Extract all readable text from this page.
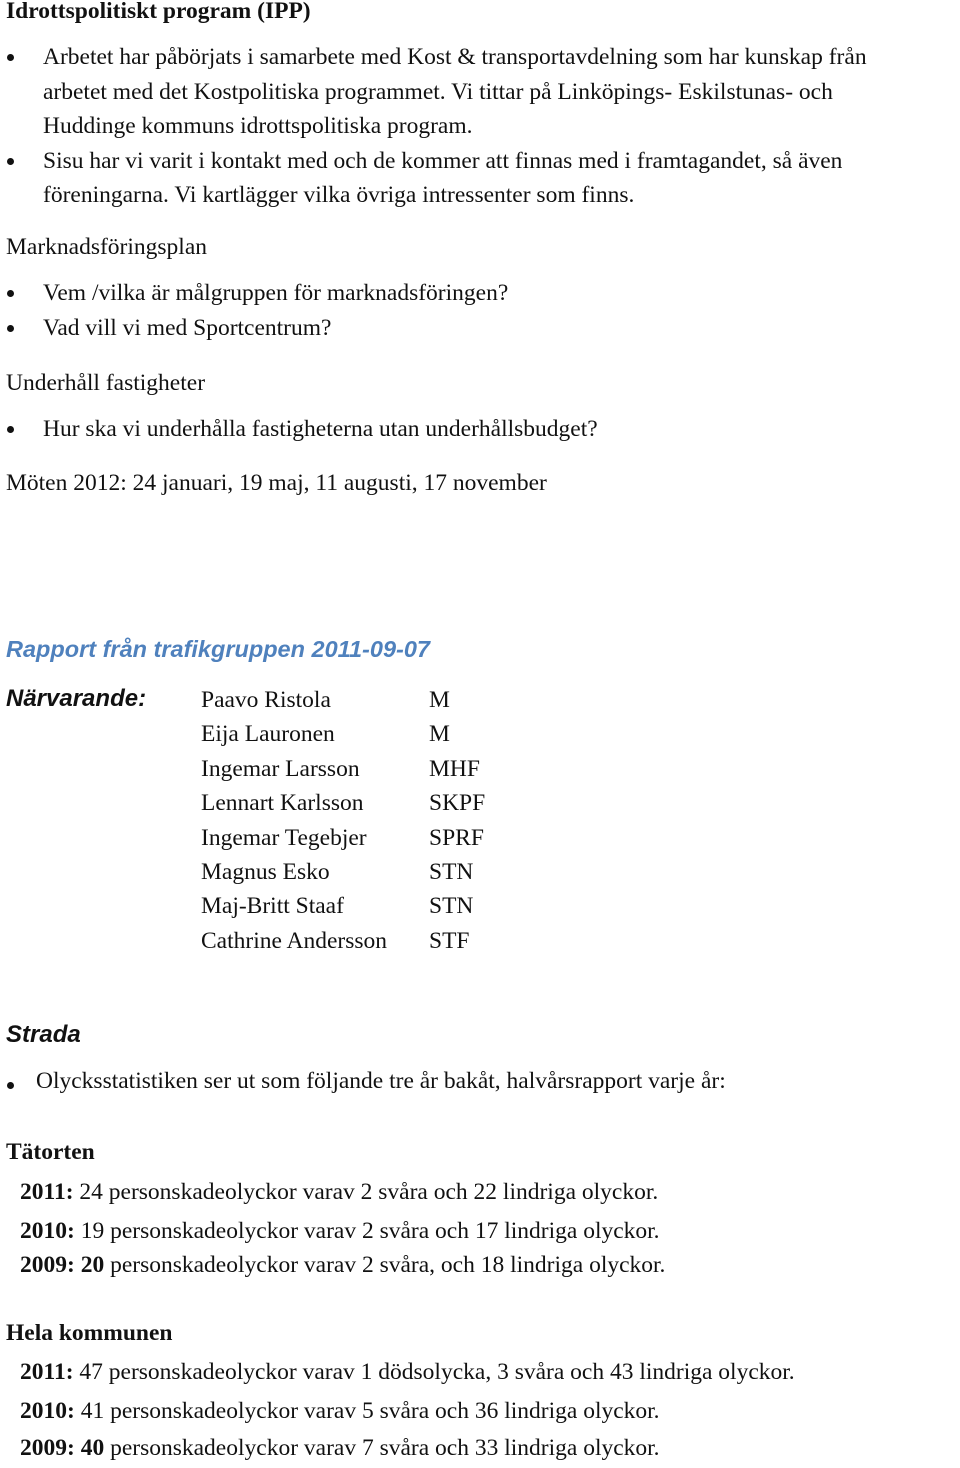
Idrottspolitiskt program (IPP)
Arbetet har påbörjats i samarbete med Kost & transportavdelning som har kunskap från arbetet med det Kostpolitiska programmet. Vi tittar på Linköpings- Eskilstunas- och Huddinge kommuns idrottspolitiska program.
Sisu har vi varit i kontakt med och de kommer att finnas med i framtagandet, så även föreningarna. Vi kartlägger vilka övriga intressenter som finns.
Marknadsföringsplan
Vem /vilka är målgruppen för marknadsföringen?
Vad vill vi med Sportcentrum?
Underhåll fastigheter
Hur ska vi underhålla fastigheterna utan underhållsbudget?
Möten 2012: 24 januari, 19 maj, 11 augusti, 17 november
Rapport från trafikgruppen 2011-09-07
Närvarande: Paavo Ristola	M
Eija Lauronen	M
Ingemar Larsson	MHF
Lennart Karlsson	SKPF
Ingemar Tegebjer	SPRF
Magnus Esko	STN
Maj-Britt Staaf	STN
Cathrine Andersson	STF
Strada
Olycksstatistiken ser ut som följande tre år bakåt, halvårsrapport varje år:
Tätorten
2011: 24 personskadeolyckor varav 2 svåra och 22 lindriga olyckor.
2010: 19 personskadeolyckor varav 2 svåra och 17 lindriga olyckor.
2009: 20 personskadeolyckor varav 2 svåra, och 18 lindriga olyckor.
Hela kommunen
2011: 47 personskadeolyckor varav 1 dödsolycka, 3 svåra och 43 lindriga olyckor.
2010: 41 personskadeolyckor varav 5 svåra och 36 lindriga olyckor.
2009: 40 personskadeolyckor varav 7 svåra och 33 lindriga olyckor.
